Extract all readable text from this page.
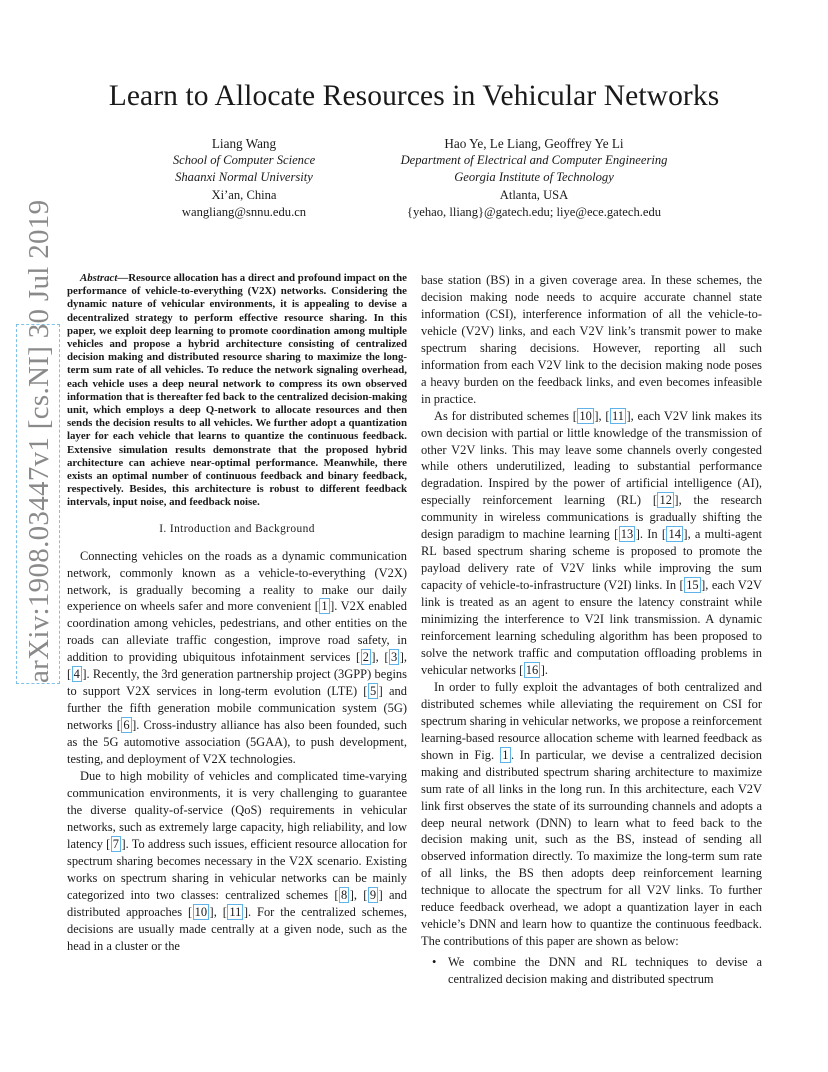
Learn to Allocate Resources in Vehicular Networks
Liang Wang
School of Computer Science
Shaanxi Normal University
Xi’an, China
wangliang@snnu.edu.cn
Hao Ye, Le Liang, Geoffrey Ye Li
Department of Electrical and Computer Engineering
Georgia Institute of Technology
Atlanta, USA
{yehao, lliang}@gatech.edu; liye@ece.gatech.edu
arXiv:1908.03447v1 [cs.NI] 30 Jul 2019	Abstract—Resource allocation has a direct and profound impact on the performance of vehicle-to-everything (V2X) networks. Considering the dynamic nature of vehicular environments, it is appealing to devise a decentralized strategy to perform effective resource sharing. In this paper, we exploit deep learning to promote coordination among multiple vehicles and propose a hybrid architecture consisting of centralized decision making and distributed resource sharing to maximize the long-term sum rate of all vehicles. To reduce the network signaling overhead, each vehicle uses a deep neural network to compress its own observed information that is thereafter fed back to the centralized decision-making unit, which employs a deep Q-network to allocate resources and then sends the decision results to all vehicles. We further adopt a quantization layer for each vehicle that learns to quantize the continuous feedback. Extensive simulation results demonstrate that the proposed hybrid architecture can achieve near-optimal performance. Meanwhile, there exists an optimal number of continuous feedback and binary feedback, respectively. Besides, this architecture is robust to different feedback intervals, input noise, and feedback noise.

I. Introduction and Background

Connecting vehicles on the roads as a dynamic communication network, commonly known as a vehicle-to-everything (V2X) network, is gradually becoming a reality to make our daily experience on wheels safer and more convenient [ 1 ]. V2X enabled coordination among vehicles, pedestrians, and other entities on the roads can alleviate traffic congestion, improve road safety, in addition to providing ubiquitous infotainment services [ 2 ], [ 3 ], [ 4 ]. Recently, the 3rd generation partnership project (3GPP) begins to support V2X services in long-term evolution (LTE) [ 5 ] and further the fifth generation mobile communication system (5G) networks [ 6 ]. Cross-industry alliance has also been founded, such as the 5G automotive association (5GAA), to push development, testing, and deployment of V2X technologies.

Due to high mobility of vehicles and complicated time-varying communication environments, it is very challenging to guarantee the diverse quality-of-service (QoS) requirements in vehicular networks, such as extremely large capacity, high reliability, and low latency [ 7 ]. To address such issues, efficient resource allocation for spectrum sharing becomes necessary in the V2X scenario. Existing works on spectrum sharing in vehicular networks can be mainly categorized into two classes: centralized schemes [ 8 ], [ 9 ] and distributed approaches [ 10 ], [ 11 ]. For the centralized schemes, decisions are usually made centrally at a given node, such as the head in a cluster or the

base station (BS) in a given coverage area. In these schemes, the decision making node needs to acquire accurate channel state information (CSI), interference information of all the vehicle-to-vehicle (V2V) links, and each V2V link’s transmit power to make spectrum sharing decisions. However, reporting all such information from each V2V link to the decision making node poses a heavy burden on the feedback links, and even becomes infeasible in practice.

As for distributed schemes [ 10 ], [ 11 ], each V2V link makes its own decision with partial or little knowledge of the transmission of other V2V links. This may leave some channels overly congested while others underutilized, leading to substantial performance degradation. Inspired by the power of artificial intelligence (AI), especially reinforcement learning (RL) [ 12 ], the research community in wireless communications is gradually shifting the design paradigm to machine learning [ 13 ]. In [ 14 ], a multi-agent RL based spectrum sharing scheme is proposed to promote the payload delivery rate of V2V links while improving the sum capacity of vehicle-to-infrastructure (V2I) links. In [ 15 ], each V2V link is treated as an agent to ensure the latency constraint while minimizing the interference to V2I link transmission. A dynamic reinforcement learning scheduling algorithm has been proposed to solve the network traffic and computation offloading problems in vehicular networks [ 16 ].

In order to fully exploit the advantages of both centralized and distributed schemes while alleviating the requirement on CSI for spectrum sharing in vehicular networks, we propose a reinforcement learning-based resource allocation scheme with learned feedback as shown in Fig. 1 . In particular, we devise a centralized decision making and distributed spectrum sharing architecture to maximize sum rate of all links in the long run. In this architecture, each V2V link first observes the state of its surrounding channels and adopts a deep neural network (DNN) to learn what to feed back to the decision making unit, such as the BS, instead of sending all observed information directly. To maximize the long-term sum rate of all links, the BS then adopts deep reinforcement learning technique to allocate the spectrum for all V2V links. To further reduce feedback overhead, we adopt a quantization layer in each vehicle’s DNN and learn how to quantize the continuous feedback. The contributions of this paper are shown as below:

• We combine the DNN and RL techniques to devise a centralized decision making and distributed spectrum
